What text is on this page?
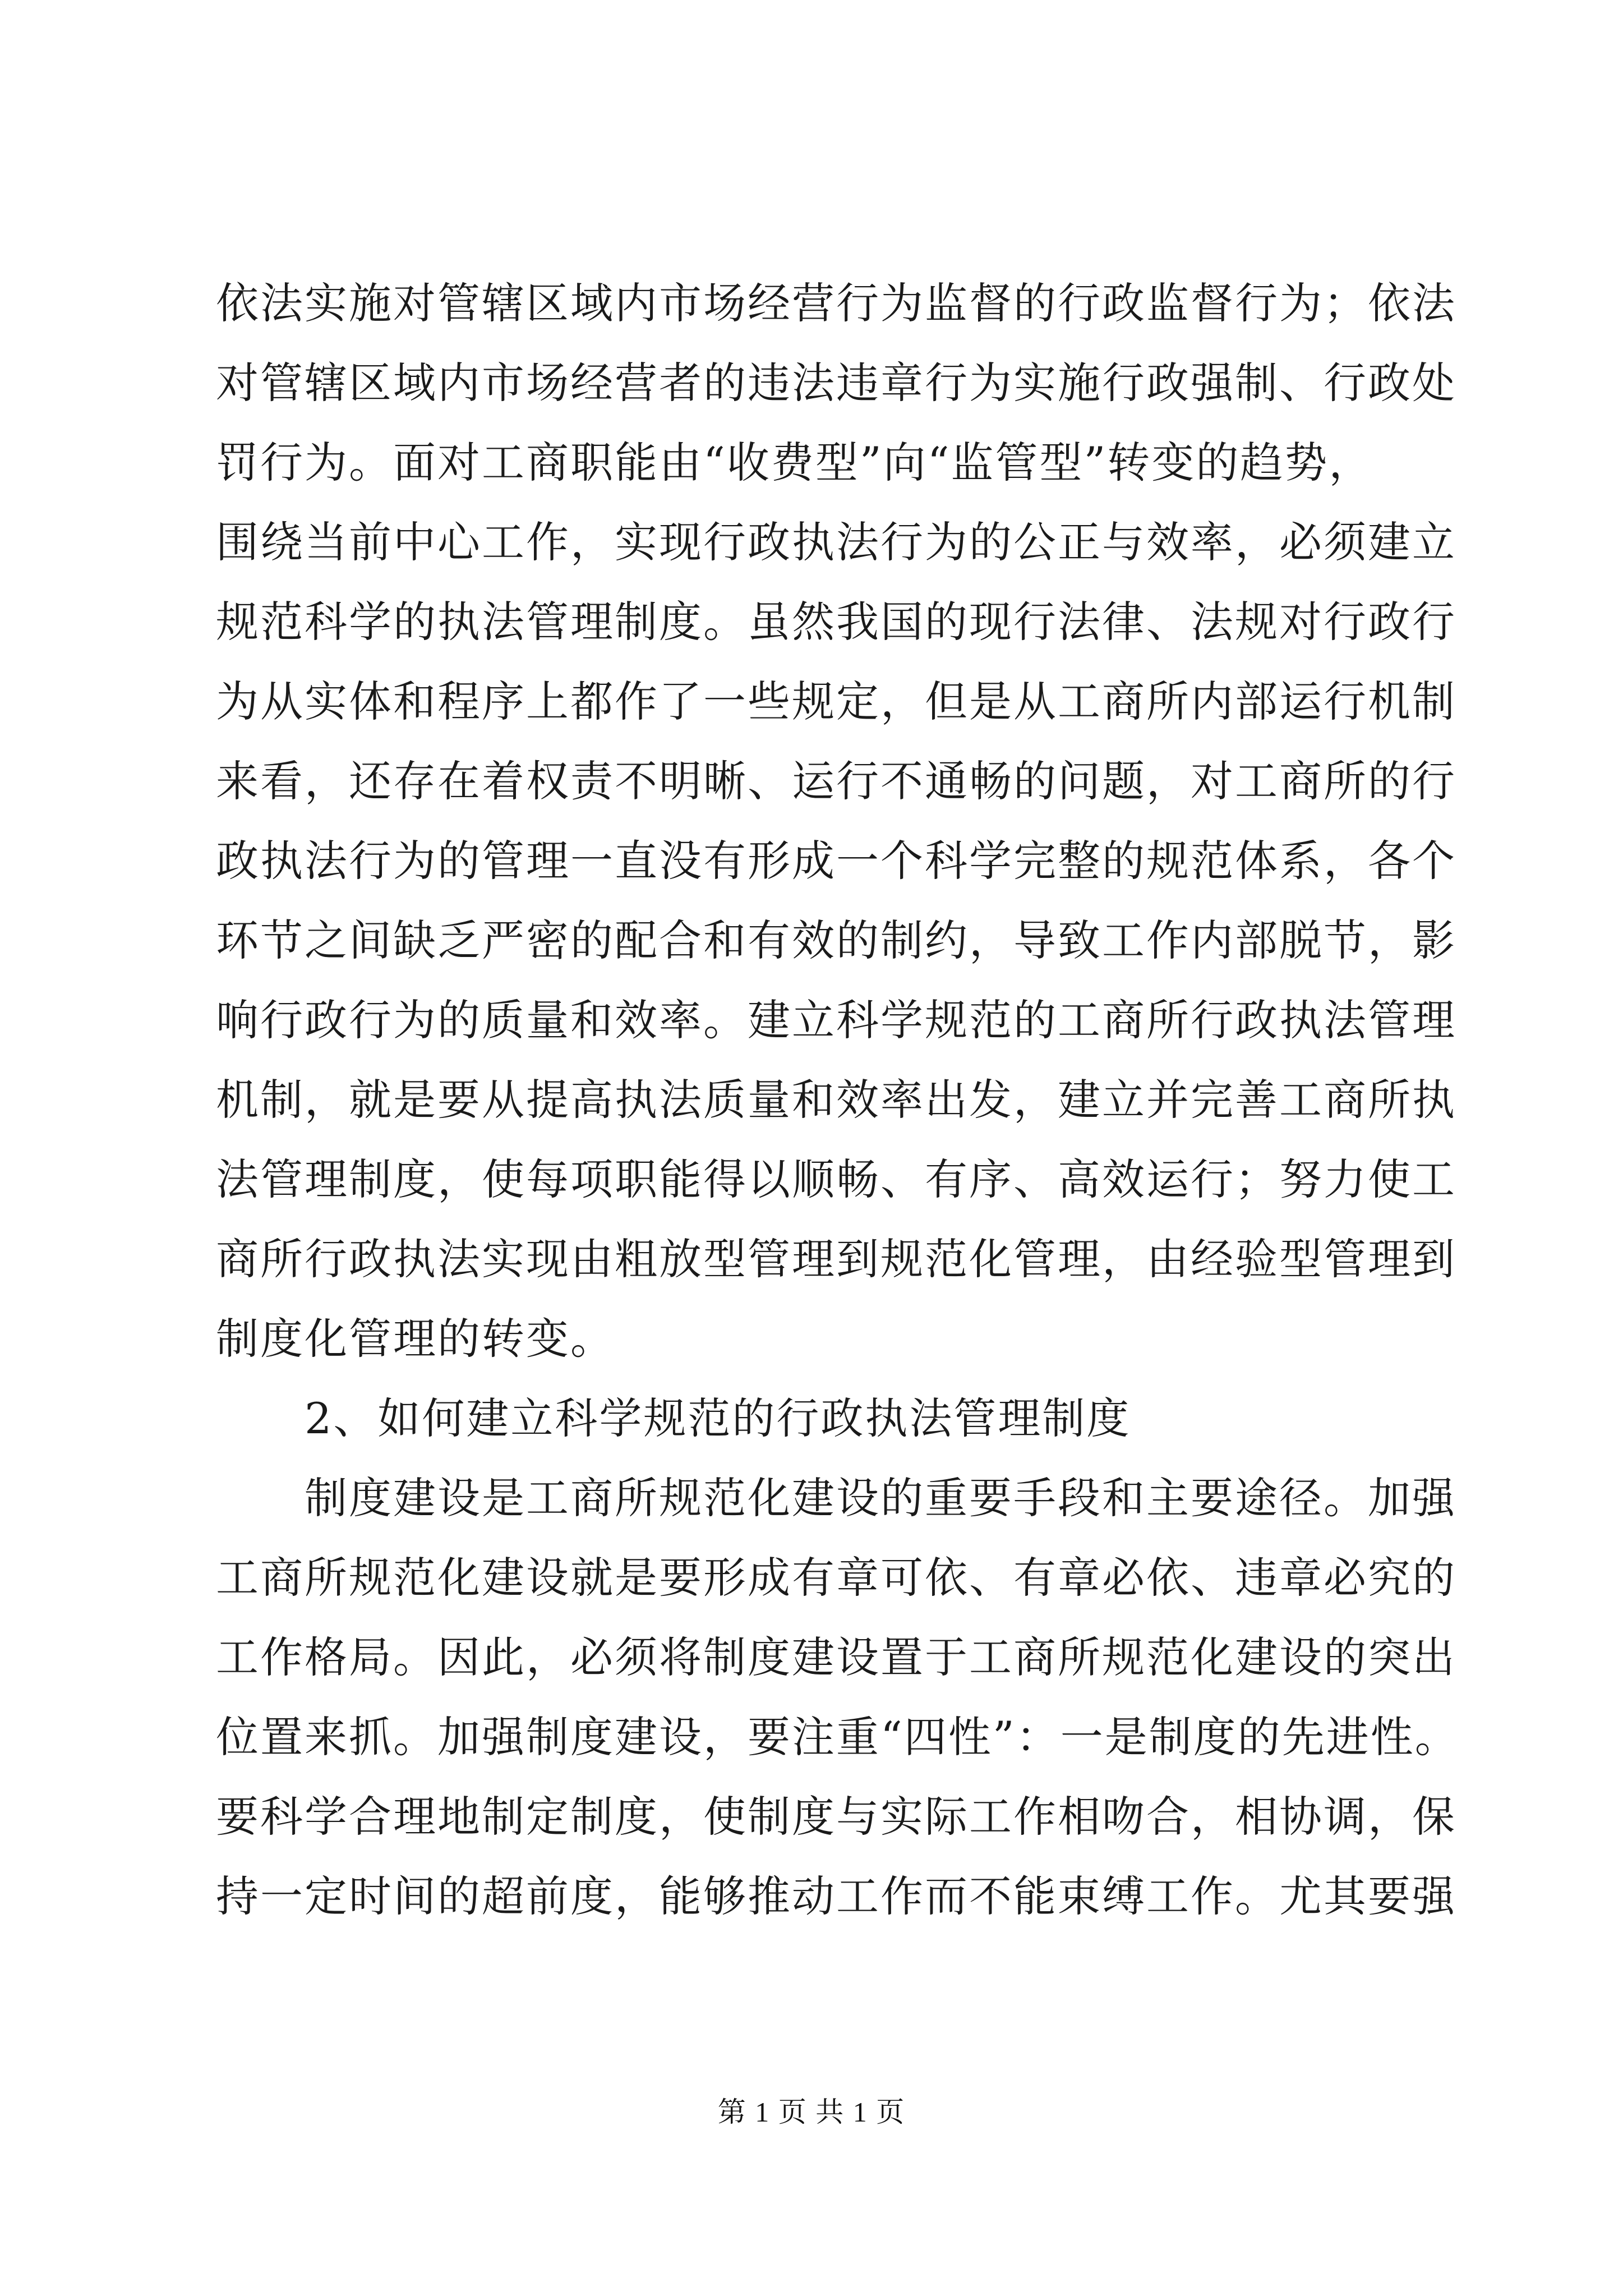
依法实施对管辖区域内市场经营行为监督的行政监督行为；依法
对管辖区域内市场经营者的违法违章行为实施行政强制、行政处
罚行为。面对工商职能由“收费型”向“监管型”转变的趋势，
围绕当前中心工作，实现行政执法行为的公正与效率，必须建立
规范科学的执法管理制度。虽然我国的现行法律、法规对行政行
为从实体和程序上都作了一些规定，但是从工商所内部运行机制
来看，还存在着权责不明晰、运行不通畅的问题，对工商所的行
政执法行为的管理一直没有形成一个科学完整的规范体系，各个
环节之间缺乏严密的配合和有效的制约，导致工作内部脱节，影
响行政行为的质量和效率。建立科学规范的工商所行政执法管理
机制，就是要从提高执法质量和效率出发，建立并完善工商所执
法管理制度，使每项职能得以顺畅、有序、高效运行；努力使工
商所行政执法实现由粗放型管理到规范化管理，由经验型管理到
制度化管理的转变。
2、如何建立科学规范的行政执法管理制度
制度建设是工商所规范化建设的重要手段和主要途径。加强
工商所规范化建设就是要形成有章可依、有章必依、违章必究的
工作格局。因此，必须将制度建设置于工商所规范化建设的突出
位置来抓。加强制度建设，要注重“四性”：一是制度的先进性。
要科学合理地制定制度，使制度与实际工作相吻合，相协调，保
持一定时间的超前度，能够推动工作而不能束缚工作。尤其要强
第 1 页 共 1 页
